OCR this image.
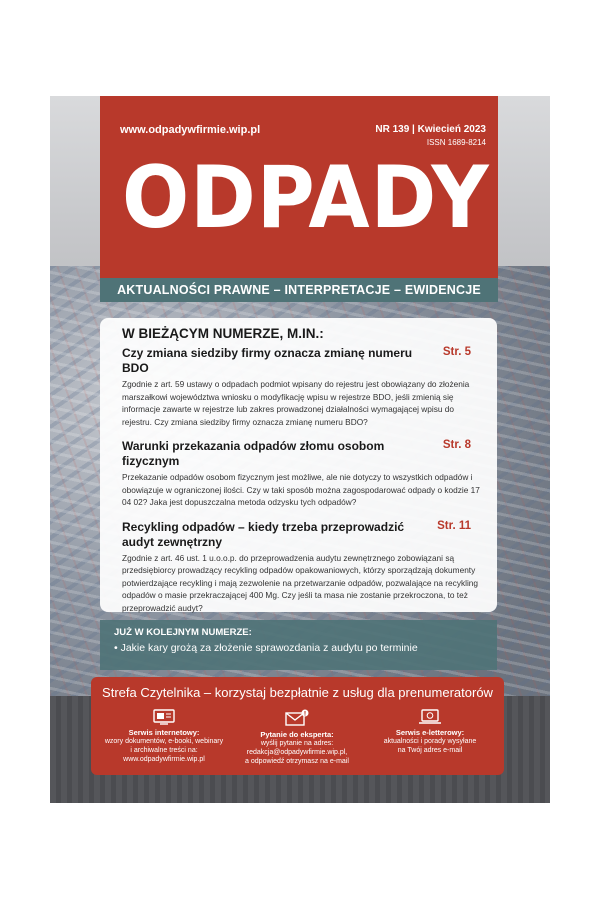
www.odpadywfirmie.wip.pl	NR 139 | Kwiecień 2023
ISSN 1689-8214
ODPADY
AKTUALNOŚCI PRAWNE – INTERPRETACJE – EWIDENCJE
W BIEŻĄCYM NUMERZE, M.IN.:
Czy zmiana siedziby firmy oznacza zmianę numeru BDO
Str. 5
Zgodnie z art. 59 ustawy o odpadach podmiot wpisany do rejestru jest obowiązany do złożenia marszałkowi województwa wniosku o modyfikację wpisu w rejestrze BDO, jeśli zmienią się informacje zawarte w rejestrze lub zakres prowadzonej działalności wymagającej wpisu do rejestru. Czy zmiana siedziby firmy oznacza zmianę numeru BDO?
Warunki przekazania odpadów złomu osobom fizycznym
Str. 8
Przekazanie odpadów osobom fizycznym jest możliwe, ale nie dotyczy to wszystkich odpadów i obowiązuje w ograniczonej ilości. Czy w taki sposób można zagospodarować odpady o kodzie 17 04 02? Jaka jest dopuszczalna metoda odzysku tych odpadów?
Recykling odpadów – kiedy trzeba przeprowadzić audyt zewnętrzny
Str. 11
Zgodnie z art. 46 ust. 1 u.o.o.p. do przeprowadzenia audytu zewnętrznego zobowiązani są przedsiębiorcy prowadzący recykling odpadów opakowaniowych, którzy sporządzają dokumenty potwierdzające recykling i mają zezwolenie na przetwarzanie odpadów, pozwalające na recykling odpadów o masie przekraczającej 400 Mg. Czy jeśli ta masa nie zostanie przekroczona, to też przeprowadzić audyt?
JUŻ W KOLEJNYM NUMERZE:
• Jakie kary grożą za złożenie sprawozdania z audytu po terminie
Strefa Czytelnika – korzystaj bezpłatnie z usług dla prenumeratorów
Serwis internetowy:
wzory dokumentów, e-booki, webinary
i archiwalne treści na:
www.odpadywfirmie.wip.pl
!
Pytanie do eksperta:
wyślij pytanie na adres:
redakcja@odpadywfirmie.wip.pl,
a odpowiedź otrzymasz na e-mail
Serwis e-letterowy:
aktualności i porady wysyłane
na Twój adres e-mail
